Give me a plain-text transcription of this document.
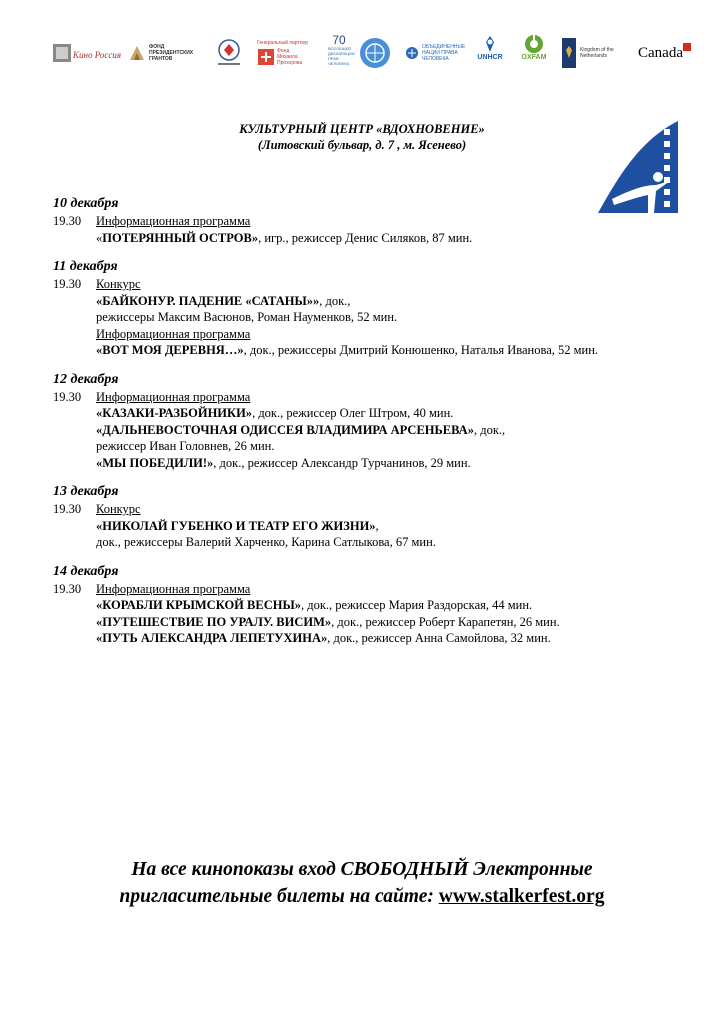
Кино Россия
ФОНД ПРЕЗИДЕНТСКИХ ГРАНТОВ
Генеральный партнер
Фонд Михаила Прохорова
70
ВСЕОБЩЕЙ ДЕКЛАРАЦИИ ПРАВ ЧЕЛОВЕКА
ОБЪЕДИНЕННЫЕ НАЦИИ ПРАВА ЧЕЛОВЕКА	UNHCR	OXFAM
Kingdom of the Netherlands	Canada
КУЛЬТУРНЫЙ ЦЕНТР «ВДОХНОВЕНИЕ»
(Литовский бульвар, д. 7 , м. Ясенево)
10 декабря
19.30	Информационная программа
«ПОТЕРЯННЫЙ ОСТРОВ», игр., режиссер Денис Силяков, 87 мин.
11 декабря
19.30	Конкурс
«БАЙКОНУР. ПАДЕНИЕ «САТАНЫ»», док.,
режиссеры Максим Васюнов, Роман Науменков, 52 мин.
Информационная программа
«ВОТ МОЯ ДЕРЕВНЯ…», док., режиссеры Дмитрий Конюшенко, Наталья Иванова, 52 мин.
12 декабря
19.30	Информационная программа
«КАЗАКИ-РАЗБОЙНИКИ», док., режиссер Олег Штром, 40 мин.
«ДАЛЬНЕВОСТОЧНАЯ ОДИССЕЯ ВЛАДИМИРА АРСЕНЬЕВА», док.,
режиссер Иван Головнев, 26 мин.
«МЫ ПОБЕДИЛИ!», док., режиссер Александр Турчанинов, 29 мин.
13 декабря
19.30	Конкурс
«НИКОЛАЙ ГУБЕНКО И ТЕАТР ЕГО ЖИЗНИ»,
док., режиссеры Валерий Харченко, Карина Сатлыкова, 67 мин.
14 декабря
19.30	Информационная программа
«КОРАБЛИ КРЫМСКОЙ ВЕСНЫ», док., режиссер Мария Раздорская, 44 мин.
«ПУТЕШЕСТВИЕ ПО УРАЛУ. ВИСИМ», док., режиссер Роберт Карапетян, 26 мин.
«ПУТЬ АЛЕКСАНДРА ЛЕПЕТУХИНА», док., режиссер Анна Самойлова, 32 мин.
На все кинопоказы вход СВОБОДНЫЙ Электронные
пригласительные билеты на сайте: www.stalkerfest.org
